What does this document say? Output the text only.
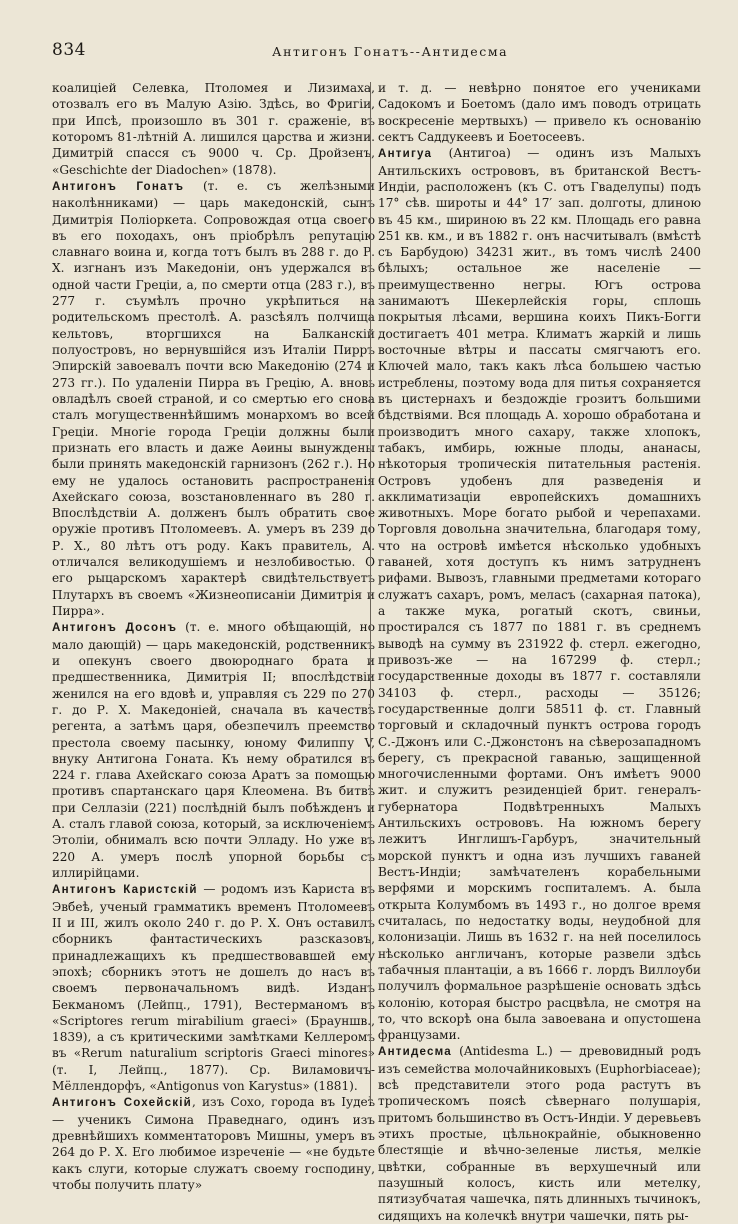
834	Антигонъ Гонатъ--Антидесма

коалицiей Селевка, Птоломея и Лизимаха, отозвалъ его въ Малую Азiю. Здѣсь, во Фригiи, при Ипсѣ, произошло въ 301 г. сраженiе, въ которомъ 81-лѣтнiй А. лишился царства и жизни. Димитрiй спасся съ 9000 ч. Ср. Дройзенъ, «Geschichte der Diadochen» (1878).

Антигонъ Гонатъ (т. е. съ желѣзными наколѣнниками) — царь македонскiй, сынъ Димитрiя Полiоркета. Сопровождая отца своего въ его походахъ, онъ прiобрѣлъ репутацiю славнаго воина и, когда тотъ былъ въ 288 г. до Р. Х. изгнанъ изъ Македонiи, онъ удержался въ одной части Грецiи, а, по смерти отца (283 г.), въ 277 г. съумѣлъ прочно укрѣпиться на родительскомъ престолѣ. А. разсѣялъ полчища кельтовъ, вторгшихся на Балканскiй полуостровъ, но вернувшiйся изъ Италiи Пирръ Эпирскiй завоевалъ почти всю Македонiю (274 и 273 гг.). По удаленiи Пирра въ Грецiю, А. вновь овладѣлъ своей страной, и со смертью его снова сталъ могущественнѣйшимъ монархомъ во всей Грецiи. Многiе города Грецiи должны были признать его власть и даже Аѳины вынуждены были принять македонскiй гарнизонъ (262 г.). Но ему не удалось остановить распространенiя Ахейскаго союза, возстановленнаго въ 280 г. Впослѣдствiи А. долженъ былъ обратить свое оружiе противъ Птоломеевъ. А. умеръ въ 239 до Р. Х., 80 лѣтъ отъ роду. Какъ правитель, А. отличался великодушiемъ и незлобивостью. О его рыцарскомъ характерѣ свидѣтельствуетъ Плутархъ въ своемъ «Жизнеописанiи Димитрiя и Пирра».

Антигонъ Досонъ (т. е. много обѣщающiй, но мало дающiй) — царь македонскiй, родственникъ и опекунъ своего двоюроднаго брата и предшественника, Димитрiя II; впослѣдствiи женился на его вдовѣ и, управляя съ 229 по 270 г. до Р. Х. Македонiей, сначала въ качествѣ регента, а затѣмъ царя, обезпечилъ преемство престола своему пасынку, юному Филиппу V, внуку Антигона Гоната. Къ нему обратился въ 224 г. глава Ахейскаго союза Аратъ за помощью противъ спартанскаго царя Клеомена. Въ битвѣ при Селлазiи (221) послѣднiй былъ побѣжденъ и А. сталъ главой союза, который, за исключенiемъ Этолiи, обнималъ всю почти Элладу. Но уже въ 220 А. умеръ послѣ упорной борьбы съ иллирiйцами.

Антигонъ Каристскiй — родомъ изъ Кариста въ Эвбеѣ, ученый грамматикъ временъ Птоломеевъ II и III, жилъ около 240 г. до Р. Х. Онъ оставилъ сборникъ фантастическихъ разсказовъ, принадлежащихъ къ предшествовавшей ему эпохѣ; сборникъ этотъ не дошелъ до насъ въ своемъ первоначальномъ видѣ. Изданъ Бекманомъ (Лейпц., 1791), Вестерманомъ въ «Scriptores rerum mirabilium graeci» (Брауншв., 1839), а съ критическими замѣтками Келлеромъ въ «Rerum naturalium scriptoris Graeci minores» (т. I, Лейпц., 1877). Ср. Виламовичъ-Мёллендорфъ, «Antigonus von Karystus» (1881).

Антигонъ Сохейскiй, изъ Сохо, города въ Iудеѣ — ученикъ Симона Праведнаго, одинъ изъ древнѣйшихъ комментаторовъ Мишны, умеръ въ 264 до Р. Х. Его любимое изреченiе — «не будьте какъ слуги, которые служатъ своему господину, чтобы получить плату»

и т. д. — невѣрно понятое его учениками Садокомъ и Боетомъ (дало имъ поводъ отрицать воскресенiе мертвыхъ) — привело къ основанiю сектъ Саддукеевъ и Боетосеевъ.

Антигуа (Антигоа) — одинъ изъ Малыхъ Антильскихъ острововъ, въ британской Вестъ-Индiи, расположенъ (къ С. отъ Гваделупы) подъ 17° сѣв. широты и 44° 17′ зап. долготы, длиною въ 45 км., шириною въ 22 км. Площадь его равна 251 кв. км., и въ 1882 г. онъ насчитывалъ (вмѣстѣ съ Барбудою) 34231 жит., въ томъ числѣ 2400 бѣлыхъ; остальное же населенiе — преимущественно негры. Югъ острова занимаютъ Шекерлейскiя горы, сплошь покрытыя лѣсами, вершина коихъ Пикъ-Богги достигаетъ 401 метра. Климатъ жаркiй и лишь восточные вѣтры и пассаты смягчаютъ его. Ключей мало, такъ какъ лѣса большею частью истреблены, поэтому вода для питья сохраняется въ цистернахъ и бездождiе грозитъ большими бѣдствiями. Вся площадь А. хорошо обработана и производитъ много сахару, также хлопокъ, табакъ, имбирь, южные плоды, ананасы, нѣкоторыя тропическiя питательныя растенiя. Островъ удобенъ для разведенiя и акклиматизацiи европейскихъ домашнихъ животныхъ. Море богато рыбой и черепахами. Торговля довольна значительна, благодаря тому, что на островѣ имѣется нѣсколько удобныхъ гаваней, хотя доступъ къ нимъ затрудненъ рифами. Вывозъ, главными предметами котораго служатъ сахаръ, ромъ, меласъ (сахарная патока), а также мука, рогатый скотъ, свиньи, простирался съ 1877 по 1881 г. въ среднемъ выводѣ на сумму въ 231922 ф. стерл. ежегодно, привозъ-же — на 167299 ф. стерл.; государственные доходы въ 1877 г. составляли 34103 ф. стерл., расходы — 35126; государственные долги 58511 ф. ст. Главный торговый и складочный пунктъ острова городъ С.-Джонъ или С.-Джонстонъ на сѣверозападномъ берегу, съ прекрасной гаванью, защищенной многочисленными фортами. Онъ имѣетъ 9000 жит. и служитъ резиденцiей брит. генералъ-губернатора Подвѣтренныхъ Малыхъ Антильскихъ острововъ. На южномъ берегу лежитъ Инглишъ-Гарбуръ, значительный морской пунктъ и одна изъ лучшихъ гаваней Вестъ-Индiи; замѣчателенъ корабельными верфями и морскимъ госпиталемъ. А. была открыта Колумбомъ въ 1493 г., но долгое время считалась, по недостатку воды, неудобной для колонизацiи. Лишь въ 1632 г. на ней поселилось нѣсколько англичанъ, которые развели здѣсь табачныя плантацiи, а въ 1666 г. лордъ Виллоуби получилъ формальное разрѣшенiе основать здѣсь колонiю, которая быстро расцвѣла, не смотря на то, что вскорѣ она была завоевана и опустошена французами.

Антидесма (Antidesma L.) — древовидный родъ изъ семейства молочайниковыхъ (Euphorbiaceae); всѣ представители этого рода растутъ въ тропическомъ поясѣ сѣвернаго полушарiя, притомъ большинство въ Остъ-Индiи. У деревьевъ этихъ простые, цѣльнокрайнiе, обыкновенно блестящiе и вѣчно-зеленые листья, мелкiе цвѣтки, собранные въ верхушечный или пазушный колосъ, кисть или метелку, пятизубчатая чашечка, пять длинныхъ тычинокъ, сидящихъ на колечкѣ внутри чашечки, пять ры-
